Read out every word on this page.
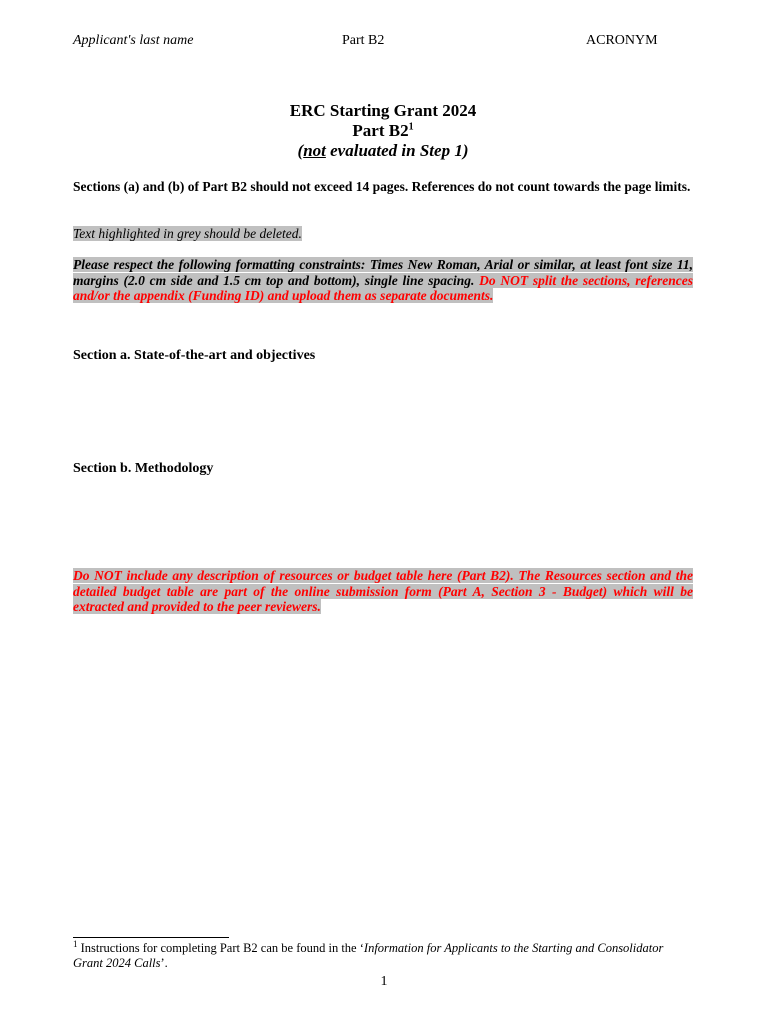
Applicant's last name	Part B2	ACRONYM
ERC Starting Grant 2024
Part $B2^1$
(not evaluated in Step 1)
Sections (a) and (b) of Part B2 should not exceed 14 pages. References do not count towards the page limits.
Text highlighted in grey should be deleted.
Please respect the following formatting constraints: Times New Roman, Arial or similar, at least font size 11, margins (2.0 cm side and 1.5 cm top and bottom), single line spacing. Do NOT split the sections, references and/or the appendix (Funding ID) and upload them as separate documents.
Section a. State-of-the-art and objectives
Section b. Methodology
Do NOT include any description of resources or budget table here (Part B2). The Resources section and the detailed budget table are part of the online submission form (Part A, Section 3 - Budget) which will be extracted and provided to the peer reviewers.
$^1$ Instructions for completing Part B2 can be found in the ‘Information for Applicants to the Starting and Consolidator Grant 2024 Calls’.
1
